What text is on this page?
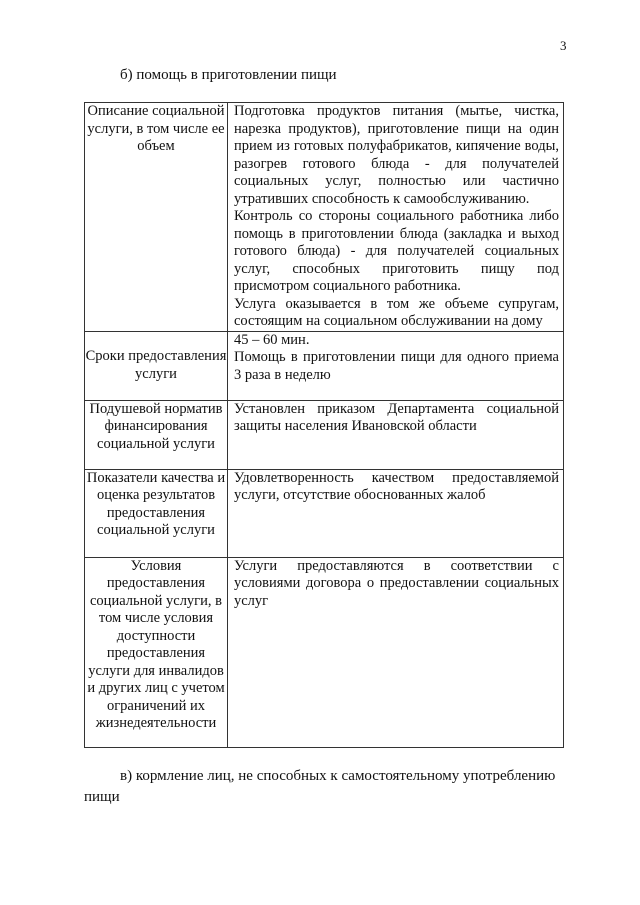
3
б) помощь в приготовлении пищи
Описание социальной услуги, в том числе ее объем	Подготовка продуктов питания (мытье, чистка, нарезка продуктов), приготовление пищи на один прием из готовых полуфабрикатов, кипячение воды, разогрев готового блюда - для получателей социальных услуг, полностью или частично утративших способность к самообслуживанию.

Контроль со стороны социального работника либо помощь в приготовлении блюда (закладка и выход готового блюда) - для получателей социальных услуг, способных приготовить пищу под присмотром социального работника.

Услуга оказывается в том же объеме супругам, состоящим на социальном обслуживании на дому

Сроки предоставления услуги	45 – 60 мин.

Помощь в приготовлении пищи для одного приема 3 раза в неделю

Подушевой норматив финансирования социальной услуги	Установлен приказом Департамента социальной защиты населения Ивановской области

Показатели качества и оценка результатов предоставления социальной услуги	Удовлетворенность качеством предоставляемой услуги, отсутствие обоснованных жалоб

Условия предоставления социальной услуги, в том числе условия доступности предоставления услуги для инвалидов и других лиц с учетом ограничений их жизнедеятельности	Услуги предоставляются в соответствии с условиями договора о предоставлении социальных услуг

в) кормление лиц, не способных к самостоятельному употреблению пищи
